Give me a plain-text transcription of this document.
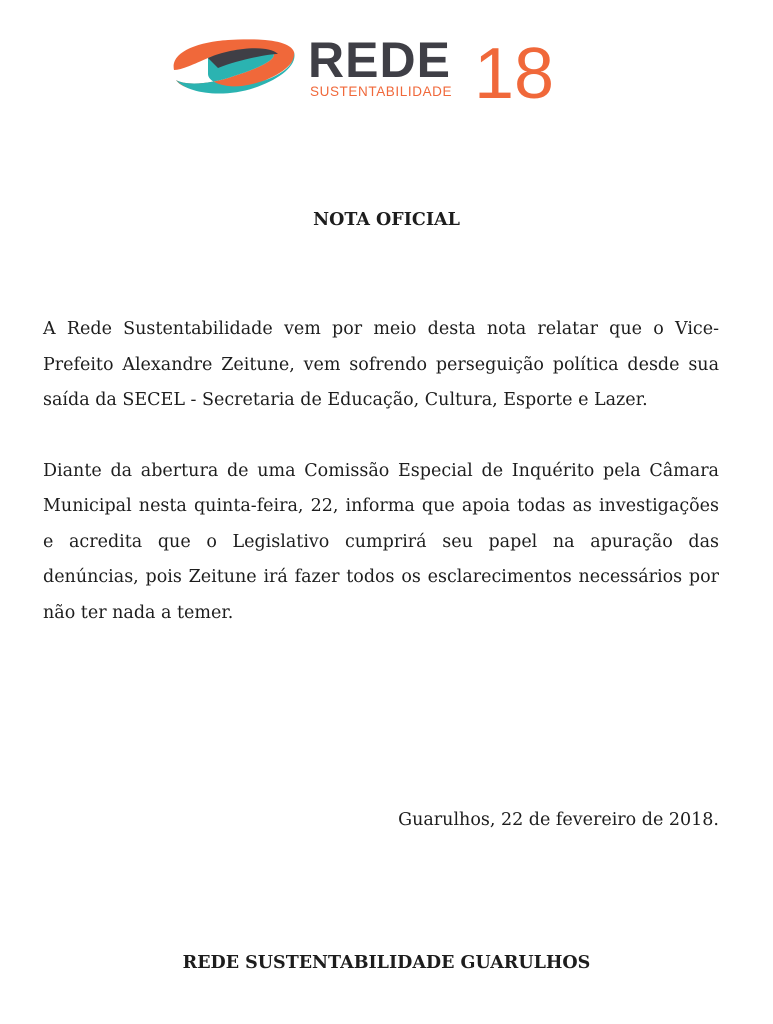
REDE
SUSTENTABILIDADE 18
NOTA OFICIAL

A Rede Sustentabilidade vem por meio desta nota relatar que o Vice-Prefeito Alexandre Zeitune, vem sofrendo perseguição política desde sua saída da SECEL - Secretaria de Educação, Cultura, Esporte e Lazer.

Diante da abertura de uma Comissão Especial de Inquérito pela Câmara Municipal nesta quinta-feira, 22, informa que apoia todas as investigações e acredita que o Legislativo cumprirá seu papel na apuração das denúncias, pois Zeitune irá fazer todos os esclarecimentos necessários por não ter nada a temer.

Guarulhos, 22 de fevereiro de 2018.
REDE SUSTENTABILIDADE GUARULHOS
